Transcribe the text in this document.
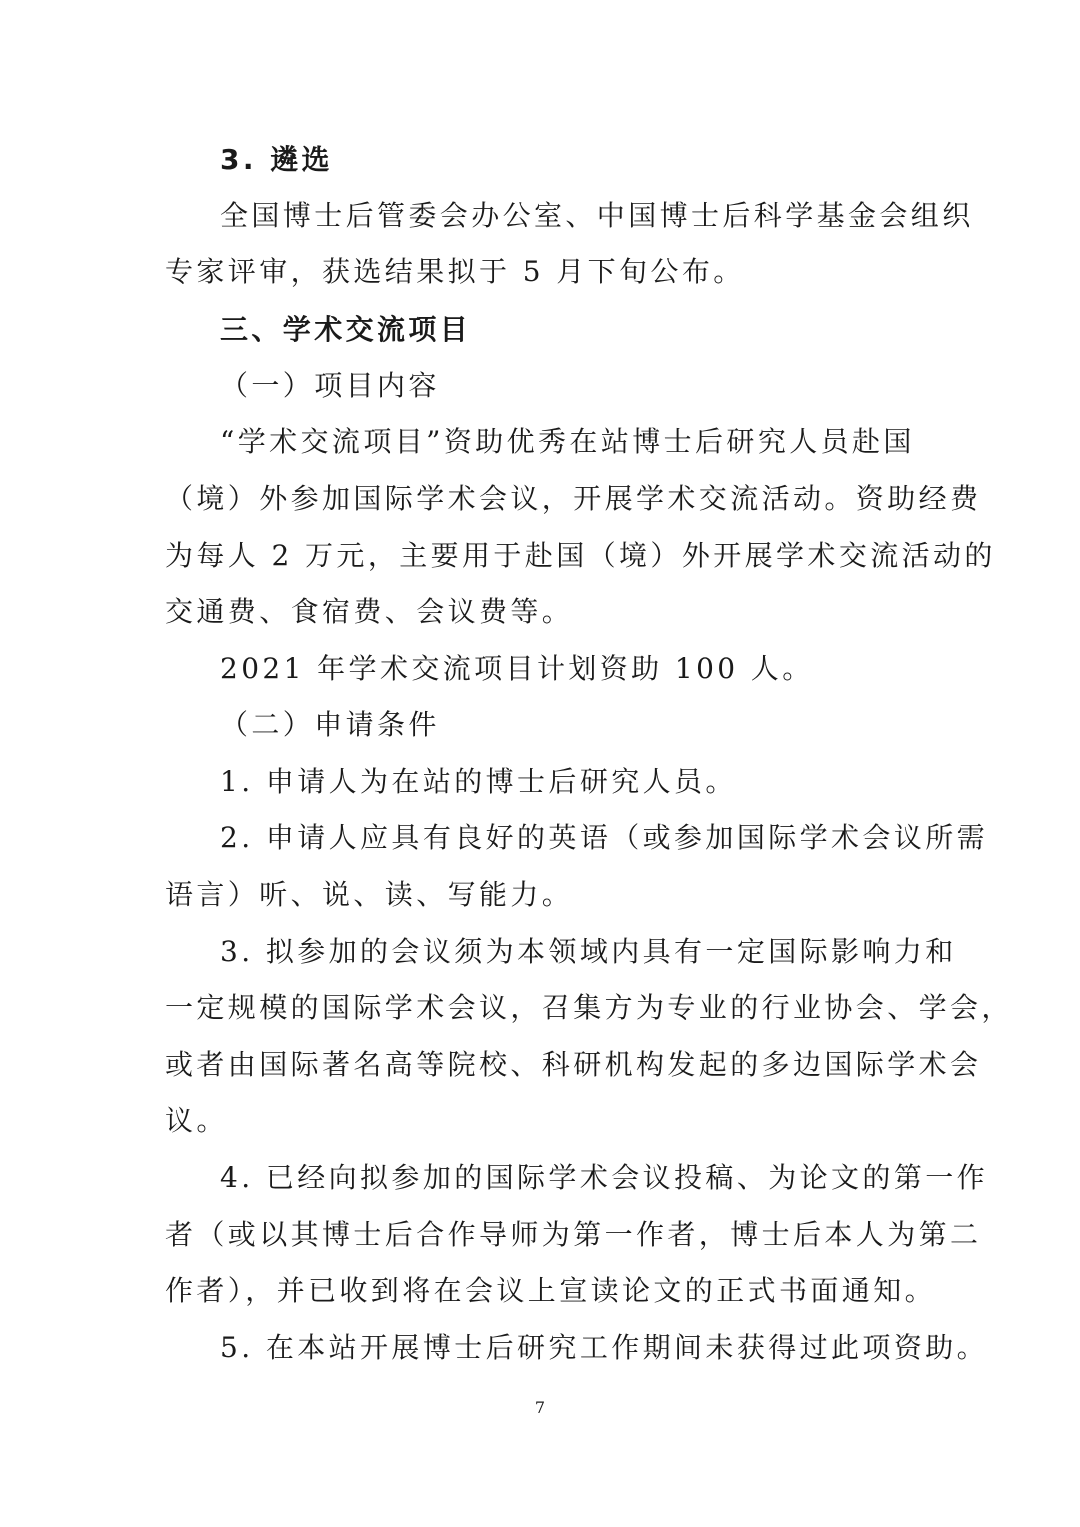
3. 遴选
全国博士后管委会办公室、中国博士后科学基金会组织
专家评审，获选结果拟于 5 月下旬公布。
三、学术交流项目
（一）项目内容
“学术交流项目”资助优秀在站博士后研究人员赴国
（境）外参加国际学术会议，开展学术交流活动。资助经费
为每人 2 万元，主要用于赴国（境）外开展学术交流活动的
交通费、食宿费、会议费等。
2021 年学术交流项目计划资助 100 人。
（二）申请条件
1. 申请人为在站的博士后研究人员。
2. 申请人应具有良好的英语（或参加国际学术会议所需
语言）听、说、读、写能力。
3. 拟参加的会议须为本领域内具有一定国际影响力和
一定规模的国际学术会议，召集方为专业的行业协会、学会，
或者由国际著名高等院校、科研机构发起的多边国际学术会
议。
4. 已经向拟参加的国际学术会议投稿、为论文的第一作
者（或以其博士后合作导师为第一作者，博士后本人为第二
作者），并已收到将在会议上宣读论文的正式书面通知。
5. 在本站开展博士后研究工作期间未获得过此项资助。
7
